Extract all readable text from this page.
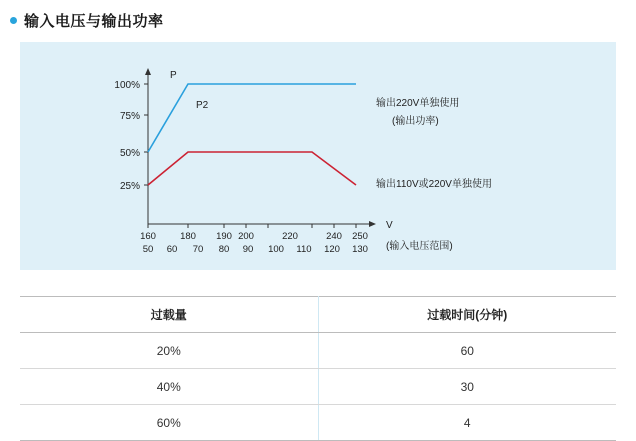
输入电压与输出功率
P
V
(输入电压范围)
100%
75%
50%
25%
P2
160	180 190 200	220	240 250
50 60 70 80 90 100 110 120 130
输出220V单独使用
(输出功率)
输出110V或220V单独使用
过载量	过载时间(分钟)
20%	60
40%	30
60%	4
